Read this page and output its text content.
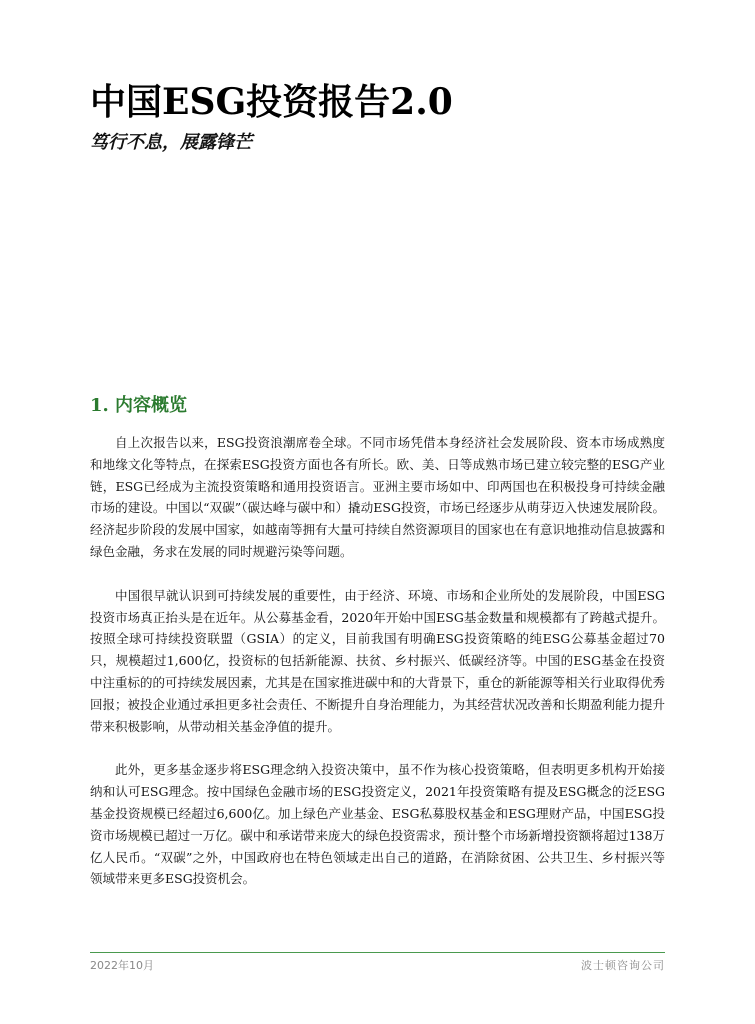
中国ESG投资报告2.0
笃行不息，展露锋芒
1. 内容概览

自上次报告以来，ESG投资浪潮席卷全球。不同市场凭借本身经济社会发展阶段、资本市场成熟度和地缘文化等特点，在探索ESG投资方面也各有所长。欧、美、日等成熟市场已建立较完整的ESG产业链，ESG已经成为主流投资策略和通用投资语言。亚洲主要市场如中、印两国也在积极投身可持续金融市场的建设。中国以“双碳”（碳达峰与碳中和）撬动ESG投资，市场已经逐步从萌芽迈入快速发展阶段。经济起步阶段的发展中国家，如越南等拥有大量可持续自然资源项目的国家也在有意识地推动信息披露和绿色金融，务求在发展的同时规避污染等问题。

中国很早就认识到可持续发展的重要性，由于经济、环境、市场和企业所处的发展阶段，中国ESG投资市场真正抬头是在近年。从公募基金看，2020年开始中国ESG基金数量和规模都有了跨越式提升。按照全球可持续投资联盟（GSIA）的定义，目前我国有明确ESG投资策略的纯ESG公募基金超过70只，规模超过1,600亿，投资标的包括新能源、扶贫、乡村振兴、低碳经济等。中国的ESG基金在投资中注重标的的可持续发展因素，尤其是在国家推进碳中和的大背景下，重仓的新能源等相关行业取得优秀回报；被投企业通过承担更多社会责任、不断提升自身治理能力，为其经营状况改善和长期盈利能力提升带来积极影响，从带动相关基金净值的提升。

此外，更多基金逐步将ESG理念纳入投资决策中，虽不作为核心投资策略，但表明更多机构开始接纳和认可ESG理念。按中国绿色金融市场的ESG投资定义，2021年投资策略有提及ESG概念的泛ESG基金投资规模已经超过6,600亿。加上绿色产业基金、ESG私募股权基金和ESG理财产品，中国ESG投资市场规模已超过一万亿。碳中和承诺带来庞大的绿色投资需求，预计整个市场新增投资额将超过138万亿人民币。“双碳”之外，中国政府也在特色领域走出自己的道路，在消除贫困、公共卫生、乡村振兴等领域带来更多ESG投资机会。

2022年10月	波士顿咨询公司
